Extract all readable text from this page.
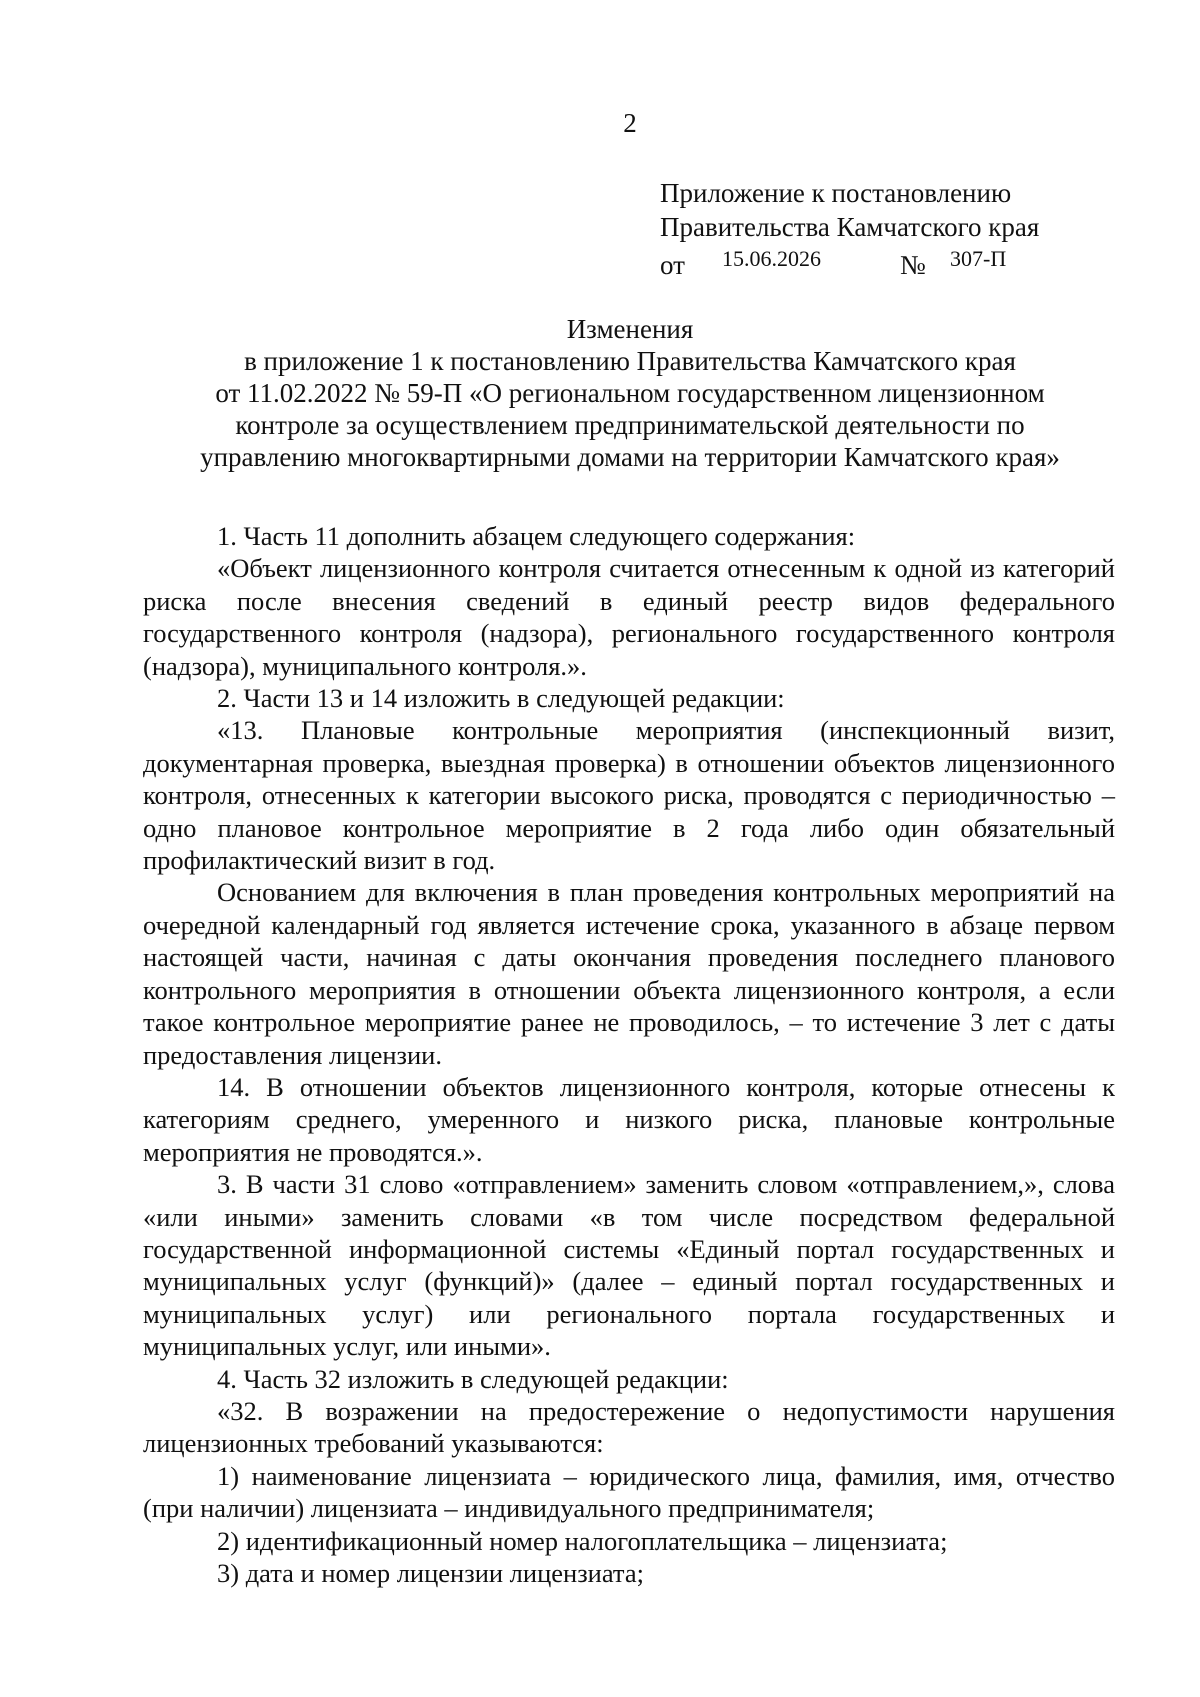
2
Приложение к постановлению
Правительства Камчатского края
от 15.06.2026	№ 307-П
Изменения
в приложение 1 к постановлению Правительства Камчатского края
от 11.02.2022 № 59-П «О региональном государственном лицензионном
контроле за осуществлением предпринимательской деятельности по
управлению многоквартирными домами на территории Камчатского края»

1. Часть 11 дополнить абзацем следующего содержания:

«Объект лицензионного контроля считается отнесенным к одной из категорий риска после внесения сведений в единый реестр видов федерального государственного контроля (надзора), регионального государственного контроля (надзора), муниципального контроля.».

2. Части 13 и 14 изложить в следующей редакции:

«13. Плановые контрольные мероприятия (инспекционный визит, документарная проверка, выездная проверка) в отношении объектов лицензионного контроля, отнесенных к категории высокого риска, проводятся с периодичностью – одно плановое контрольное мероприятие в 2 года либо один обязательный профилактический визит в год.

Основанием для включения в план проведения контрольных мероприятий на очередной календарный год является истечение срока, указанного в абзаце первом настоящей части, начиная с даты окончания проведения последнего планового контрольного мероприятия в отношении объекта лицензионного контроля, а если такое контрольное мероприятие ранее не проводилось, – то истечение 3 лет с даты предоставления лицензии.

14. В отношении объектов лицензионного контроля, которые отнесены к категориям среднего, умеренного и низкого риска, плановые контрольные мероприятия не проводятся.».

3. В части 31 слово «отправлением» заменить словом «отправлением,», слова «или иными» заменить словами «в том числе посредством федеральной государственной информационной системы «Единый портал государственных и муниципальных услуг (функций)» (далее – единый портал государственных и муниципальных услуг) или регионального портала государственных и муниципальных услуг, или иными».

4. Часть 32 изложить в следующей редакции:

«32. В возражении на предостережение о недопустимости нарушения лицензионных требований указываются:

1) наименование лицензиата – юридического лица, фамилия, имя, отчество (при наличии) лицензиата – индивидуального предпринимателя;

2) идентификационный номер налогоплательщика – лицензиата;

3) дата и номер лицензии лицензиата;
